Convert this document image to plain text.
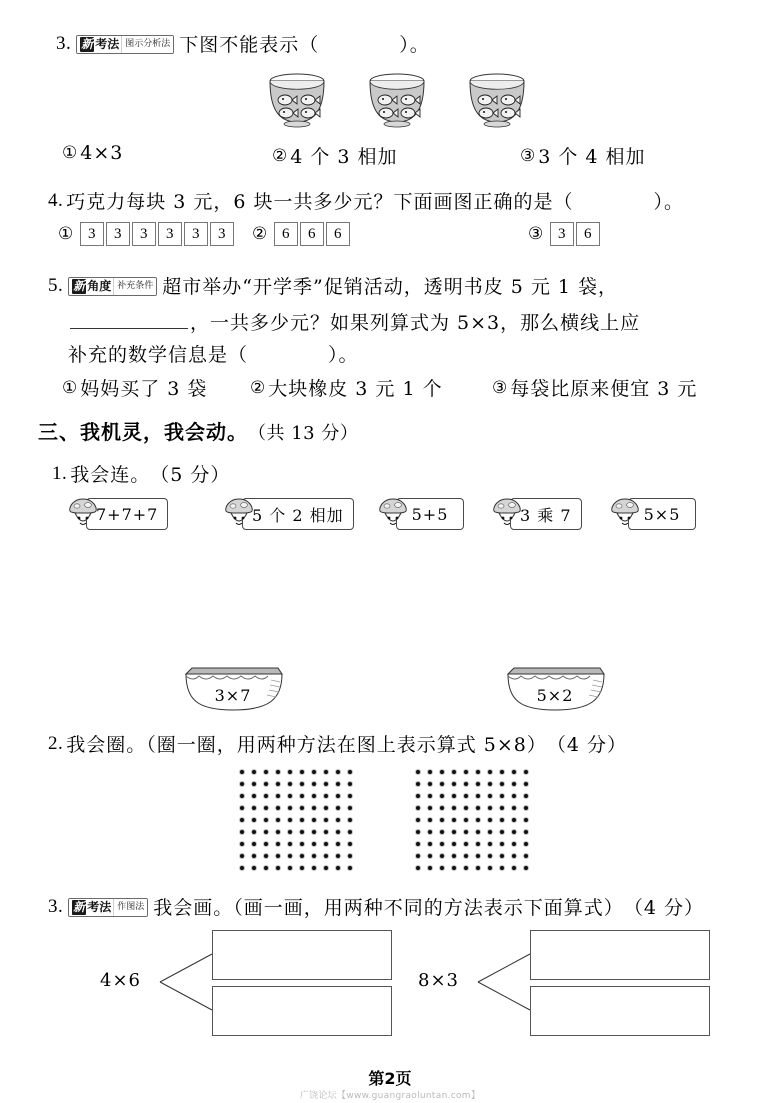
3. 新 考法 图示分析法 下图不能表示（　　　　）。
① 4×3	② 4 个 3 相加	③ 3 个 4 相加
4. 巧克力每块 3 元，6 块一共多少元？下面画图正确的是（　　　　）。
① 3	3	3	3	3	3	② 6	6	6	③ 3	6
5. 新 角度 补充条件 超市举办“开学季”促销活动，透明书皮 5 元 1 袋，
，一共多少元？如果列算式为 5×3，那么横线上应
补充的数学信息是（　　　　）。
① 妈妈买了 3 袋	② 大块橡皮 3 元 1 个	③ 每袋比原来便宜 3 元
三、我机灵，我会动。 （共 13 分）
1. 我会连。 （5 分）
7+7+7	5 个 2 相加	5+5	3 乘 7	5×5
3×7	5×2
2. 我会圈。（圈一圈，用两种方法在图上表示算式 5×8） （4 分）
3. 新 考法 作图法 我会画。（画一画，用两种不同的方法表示下面算式） （4 分）
4×6	8×3
第2页
广饶论坛【www.guangraoluntan.com】
